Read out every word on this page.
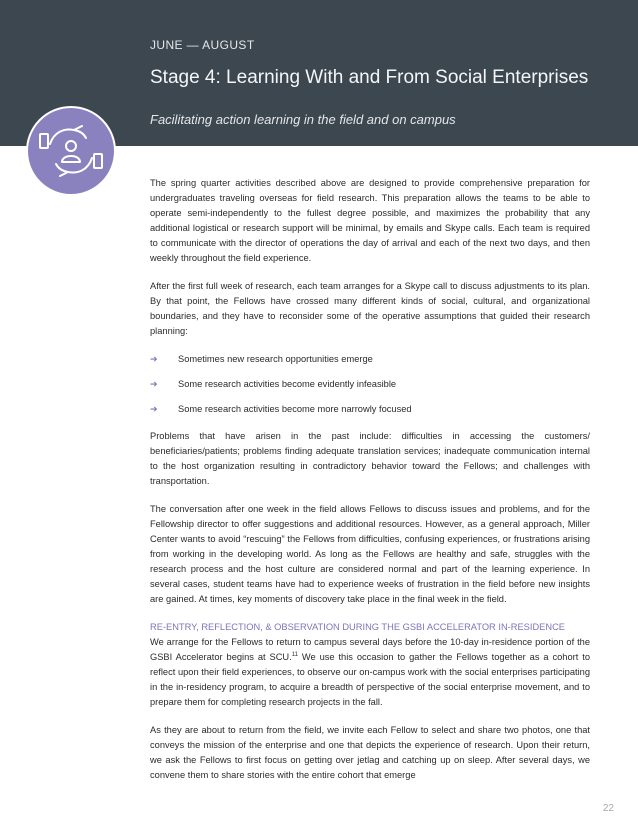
JUNE — AUGUST
Stage 4: Learning With and From Social Enterprises
Facilitating action learning in the field and on campus

The spring quarter activities described above are designed to provide comprehensive preparation for undergraduates traveling overseas for field research. This preparation allows the teams to be able to operate semi-independently to the fullest degree possible, and maximizes the probability that any additional logistical or research support will be minimal, by emails and Skype calls. Each team is required to communicate with the director of operations the day of arrival and each of the next two days, and then weekly throughout the field experience.

After the first full week of research, each team arranges for a Skype call to discuss adjustments to its plan. By that point, the Fellows have crossed many different kinds of social, cultural, and organizational boundaries, and they have to reconsider some of the operative assumptions that guided their research planning:

➔ Sometimes new research opportunities emerge
➔ Some research activities become evidently infeasible
➔ Some research activities become more narrowly focused

Problems that have arisen in the past include: difficulties in accessing the customers/ beneficiaries/patients; problems finding adequate translation services; inadequate communication internal to the host organization resulting in contradictory behavior toward the Fellows; and challenges with transportation.

The conversation after one week in the field allows Fellows to discuss issues and problems, and for the Fellowship director to offer suggestions and additional resources. However, as a general approach, Miller Center wants to avoid “rescuing” the Fellows from difficulties, confusing experiences, or frustrations arising from working in the developing world. As long as the Fellows are healthy and safe, struggles with the research process and the host culture are considered normal and part of the learning experience. In several cases, student teams have had to experience weeks of frustration in the field before new insights are gained. At times, key moments of discovery take place in the final week in the field.

RE-ENTRY, REFLECTION, & OBSERVATION DURING THE GSBI ACCELERATOR IN-RESIDENCE

We arrange for the Fellows to return to campus several days before the 10-day in-residence portion of the GSBI Accelerator begins at SCU.$^{11}$ We use this occasion to gather the Fellows together as a cohort to reflect upon their field experiences, to observe our on-campus work with the social enterprises participating in the in-residency program, to acquire a breadth of perspective of the social enterprise movement, and to prepare them for completing research projects in the fall.

As they are about to return from the field, we invite each Fellow to select and share two photos, one that conveys the mission of the enterprise and one that depicts the experience of research. Upon their return, we ask the Fellows to first focus on getting over jetlag and catching up on sleep. After several days, we convene them to share stories with the entire cohort that emerge

22
